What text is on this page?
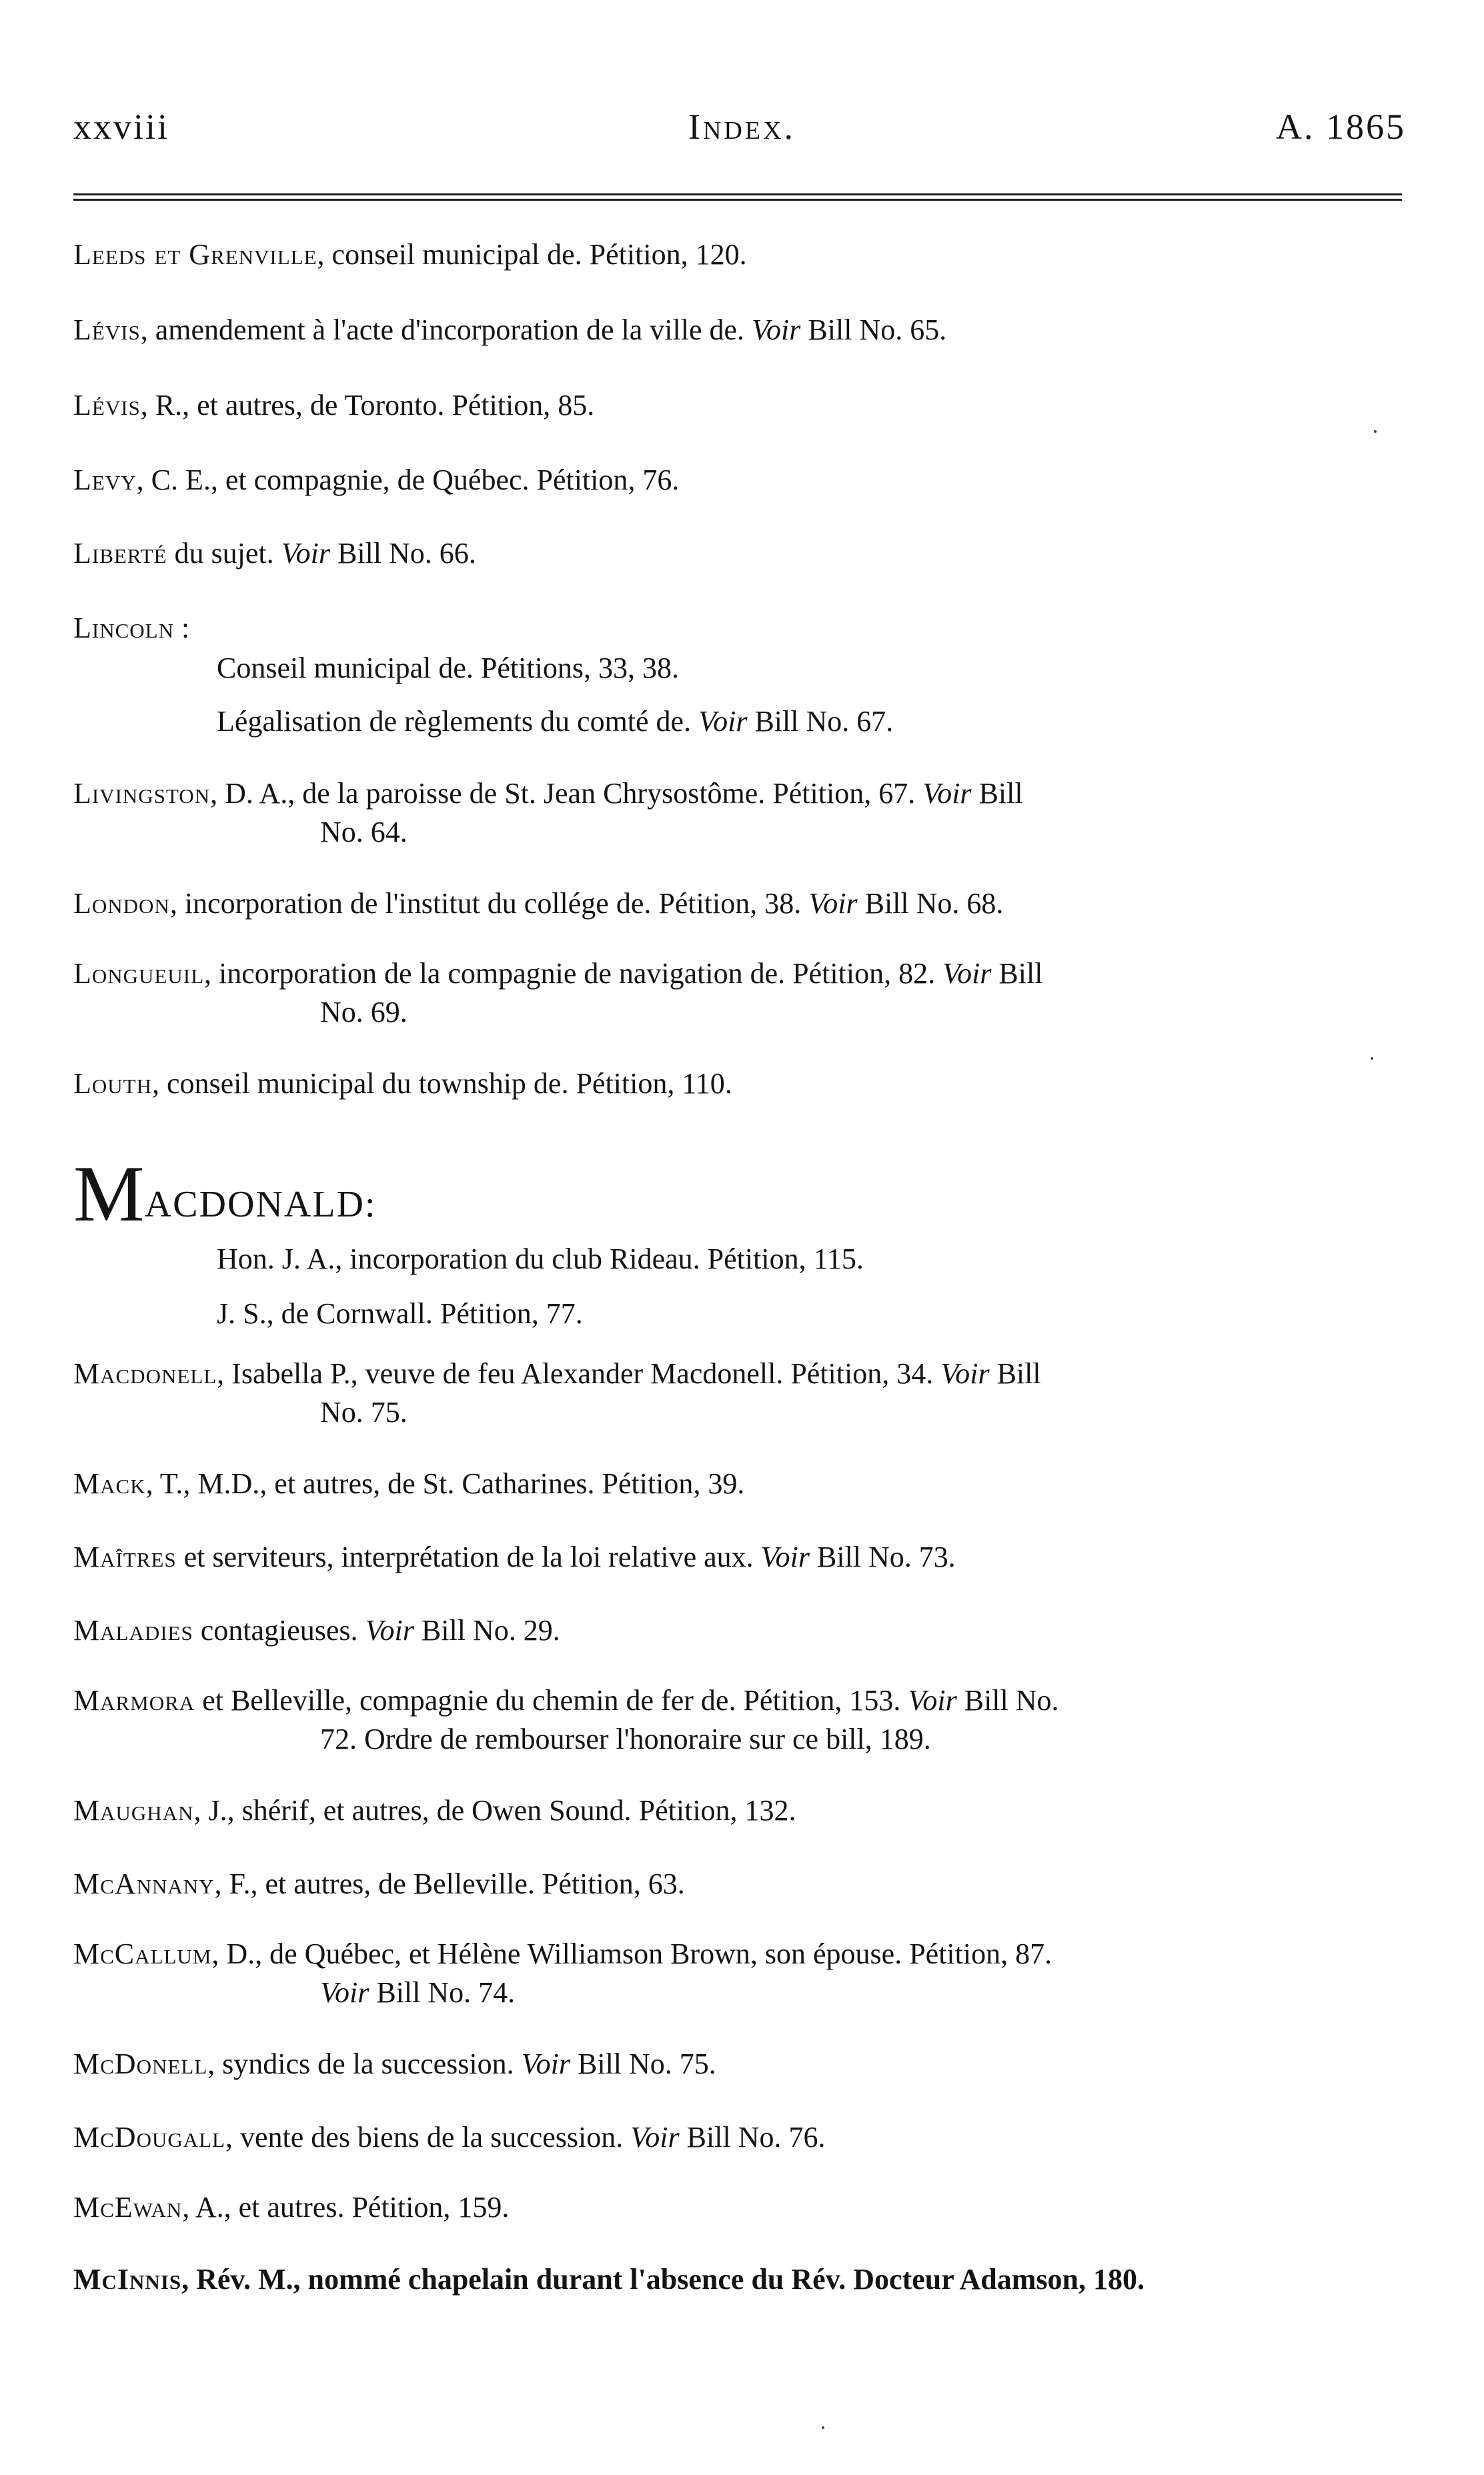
xxviii	Index.	A. 1865
Leeds et Grenville, conseil municipal de. Pétition, 120.
Lévis, amendement à l'acte d'incorporation de la ville de. Voir Bill No. 65.
Lévis, R., et autres, de Toronto. Pétition, 85.
Levy, C. E., et compagnie, de Québec. Pétition, 76.
Liberté du sujet. Voir Bill No. 66.
Lincoln :
Conseil municipal de. Pétitions, 33, 38.
Légalisation de règlements du comté de. Voir Bill No. 67.
Livingston, D. A., de la paroisse de St. Jean Chrysostôme. Pétition, 67. Voir Bill
No. 64.
London, incorporation de l'institut du collége de. Pétition, 38. Voir Bill No. 68.
Longueuil, incorporation de la compagnie de navigation de. Pétition, 82. Voir Bill
No. 69.
Louth, conseil municipal du township de. Pétition, 110.
MACDONALD:
Hon. J. A., incorporation du club Rideau. Pétition, 115.
J. S., de Cornwall. Pétition, 77.
Macdonell, Isabella P., veuve de feu Alexander Macdonell. Pétition, 34. Voir Bill
No. 75.
Mack, T., M.D., et autres, de St. Catharines. Pétition, 39.
Maîtres et serviteurs, interprétation de la loi relative aux. Voir Bill No. 73.
Maladies contagieuses. Voir Bill No. 29.
Marmora et Belleville, compagnie du chemin de fer de. Pétition, 153. Voir Bill No.
72. Ordre de rembourser l'honoraire sur ce bill, 189.
Maughan, J., shérif, et autres, de Owen Sound. Pétition, 132.
McAnnany, F., et autres, de Belleville. Pétition, 63.
McCallum, D., de Québec, et Hélène Williamson Brown, son épouse. Pétition, 87.
Voir Bill No. 74.
McDonell, syndics de la succession. Voir Bill No. 75.
McDougall, vente des biens de la succession. Voir Bill No. 76.
McEwan, A., et autres. Pétition, 159.
McInnis, Rév. M., nommé chapelain durant l'absence du Rév. Docteur Adamson, 180.
